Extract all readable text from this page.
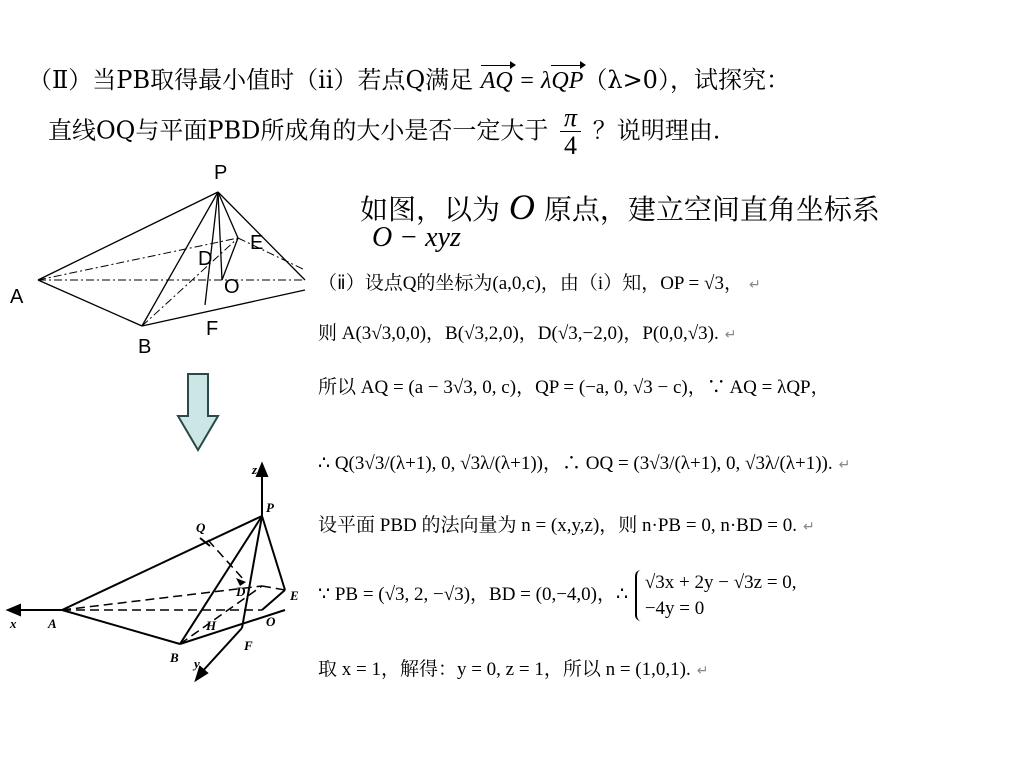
（Ⅱ）当PB取得最小值时（ⅱ）若点Q满足 AQ = λQP（λ>0），试探究：
直线OQ与平面PBD所成角的大小是否一定大于 $\frac{\pi}{4}$ ？说明理由.
如图，以为 O 原点，建立空间直角坐标系
O − xyz
P
E
D
A	O
F
B
z
P
Q
D	E
x A	H	O
B
F
y
（ⅱ）设点Q的坐标为(a,0,c)，由（i）知，OP = √3， ↵
则 A(3√3,0,0)，B(√3,2,0)，D(√3,−2,0)，P(0,0,√3). ↵
所以 AQ = (a − 3√3, 0, c)，QP = (−a, 0, √3 − c)，∵ AQ = λQP，
∴ Q(3√3/(λ+1), 0, √3λ/(λ+1))，∴ OQ = (3√3/(λ+1), 0, √3λ/(λ+1)). ↵
设平面 PBD 的法向量为 n = (x,y,z)，则 n·PB = 0, n·BD = 0. ↵
∵ PB = (√3, 2, −√3)，BD = (0,−4,0)，∴
√3x + 2y − √3z = 0,
−4y = 0
取 x = 1，解得：y = 0, z = 1，所以 n = (1,0,1). ↵
